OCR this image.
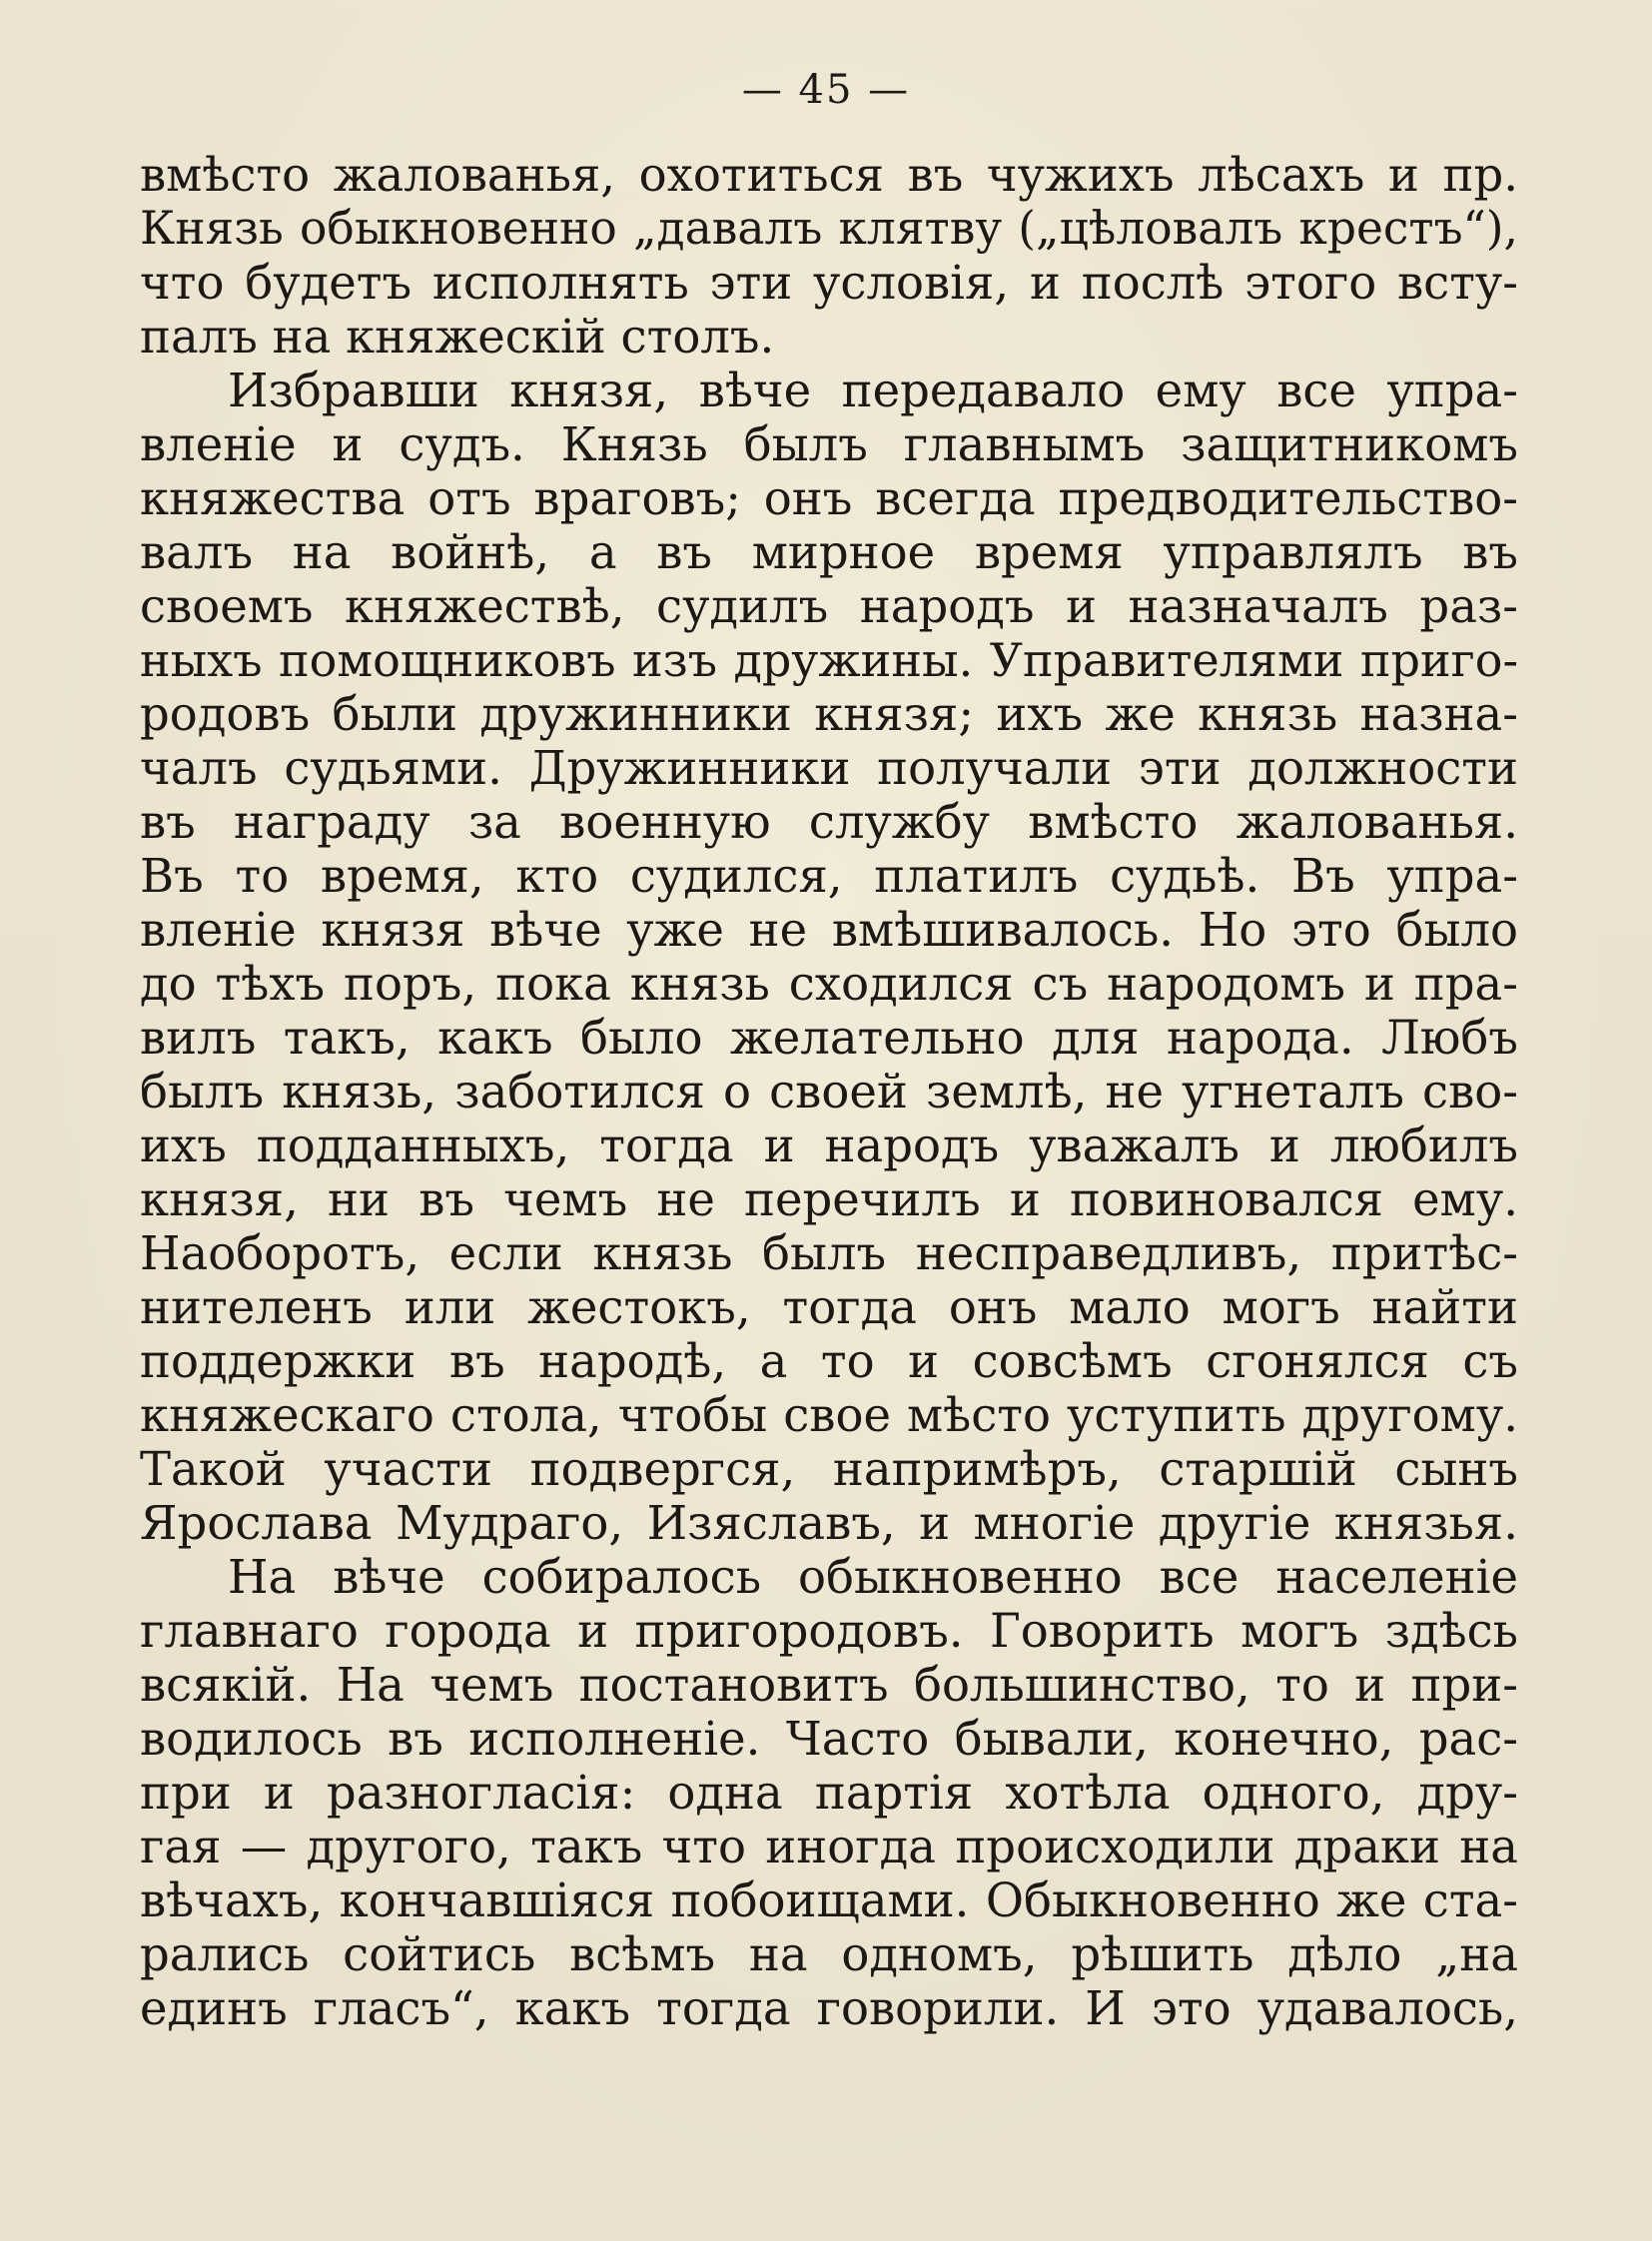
— 45 —
вмѣсто жалованья, охотиться въ чужихъ лѣсахъ и пр.
Князь обыкновенно „давалъ клятву („цѣловалъ крестъ“),
что будетъ исполнять эти условія, и послѣ этого всту-
палъ на княжескій столъ.
Избравши князя, вѣче передавало ему все упра-
вленіе и судъ. Князь былъ главнымъ защитникомъ
княжества отъ враговъ; онъ всегда предводительство-
валъ на войнѣ, а въ мирное время управлялъ въ
своемъ княжествѣ, судилъ народъ и назначалъ раз-
ныхъ помощниковъ изъ дружины. Управителями приго-
родовъ были дружинники князя; ихъ же князь назна-
чалъ судьями. Дружинники получали эти должности
въ награду за военную службу вмѣсто жалованья.
Въ то время, кто судился, платилъ судьѣ. Въ упра-
вленіе князя вѣче уже не вмѣшивалось. Но это было
до тѣхъ поръ, пока князь сходился съ народомъ и пра-
вилъ такъ, какъ было желательно для народа. Любъ
былъ князь, заботился о своей землѣ, не угнеталъ сво-
ихъ подданныхъ, тогда и народъ уважалъ и любилъ
князя, ни въ чемъ не перечилъ и повиновался ему.
Наоборотъ, если князь былъ несправедливъ, притѣс-
нителенъ или жестокъ, тогда онъ мало могъ найти
поддержки въ народѣ, а то и совсѣмъ сгонялся съ
княжескаго стола, чтобы свое мѣсто уступить другому.
Такой участи подвергся, напримѣръ, старшій сынъ
Ярослава Мудраго, Изяславъ, и многіе другіе князья.
На вѣче собиралось обыкновенно все населеніе
главнаго города и пригородовъ. Говорить могъ здѣсь
всякій. На чемъ постановитъ большинство, то и при-
водилось въ исполненіе. Часто бывали, конечно, рас-
при и разногласія: одна партія хотѣла одного, дру-
гая — другого, такъ что иногда происходили драки на
вѣчахъ, кончавшіяся побоищами. Обыкновенно же ста-
рались сойтись всѣмъ на одномъ, рѣшить дѣло „на
единъ гласъ“, какъ тогда говорили. И это удавалось,
